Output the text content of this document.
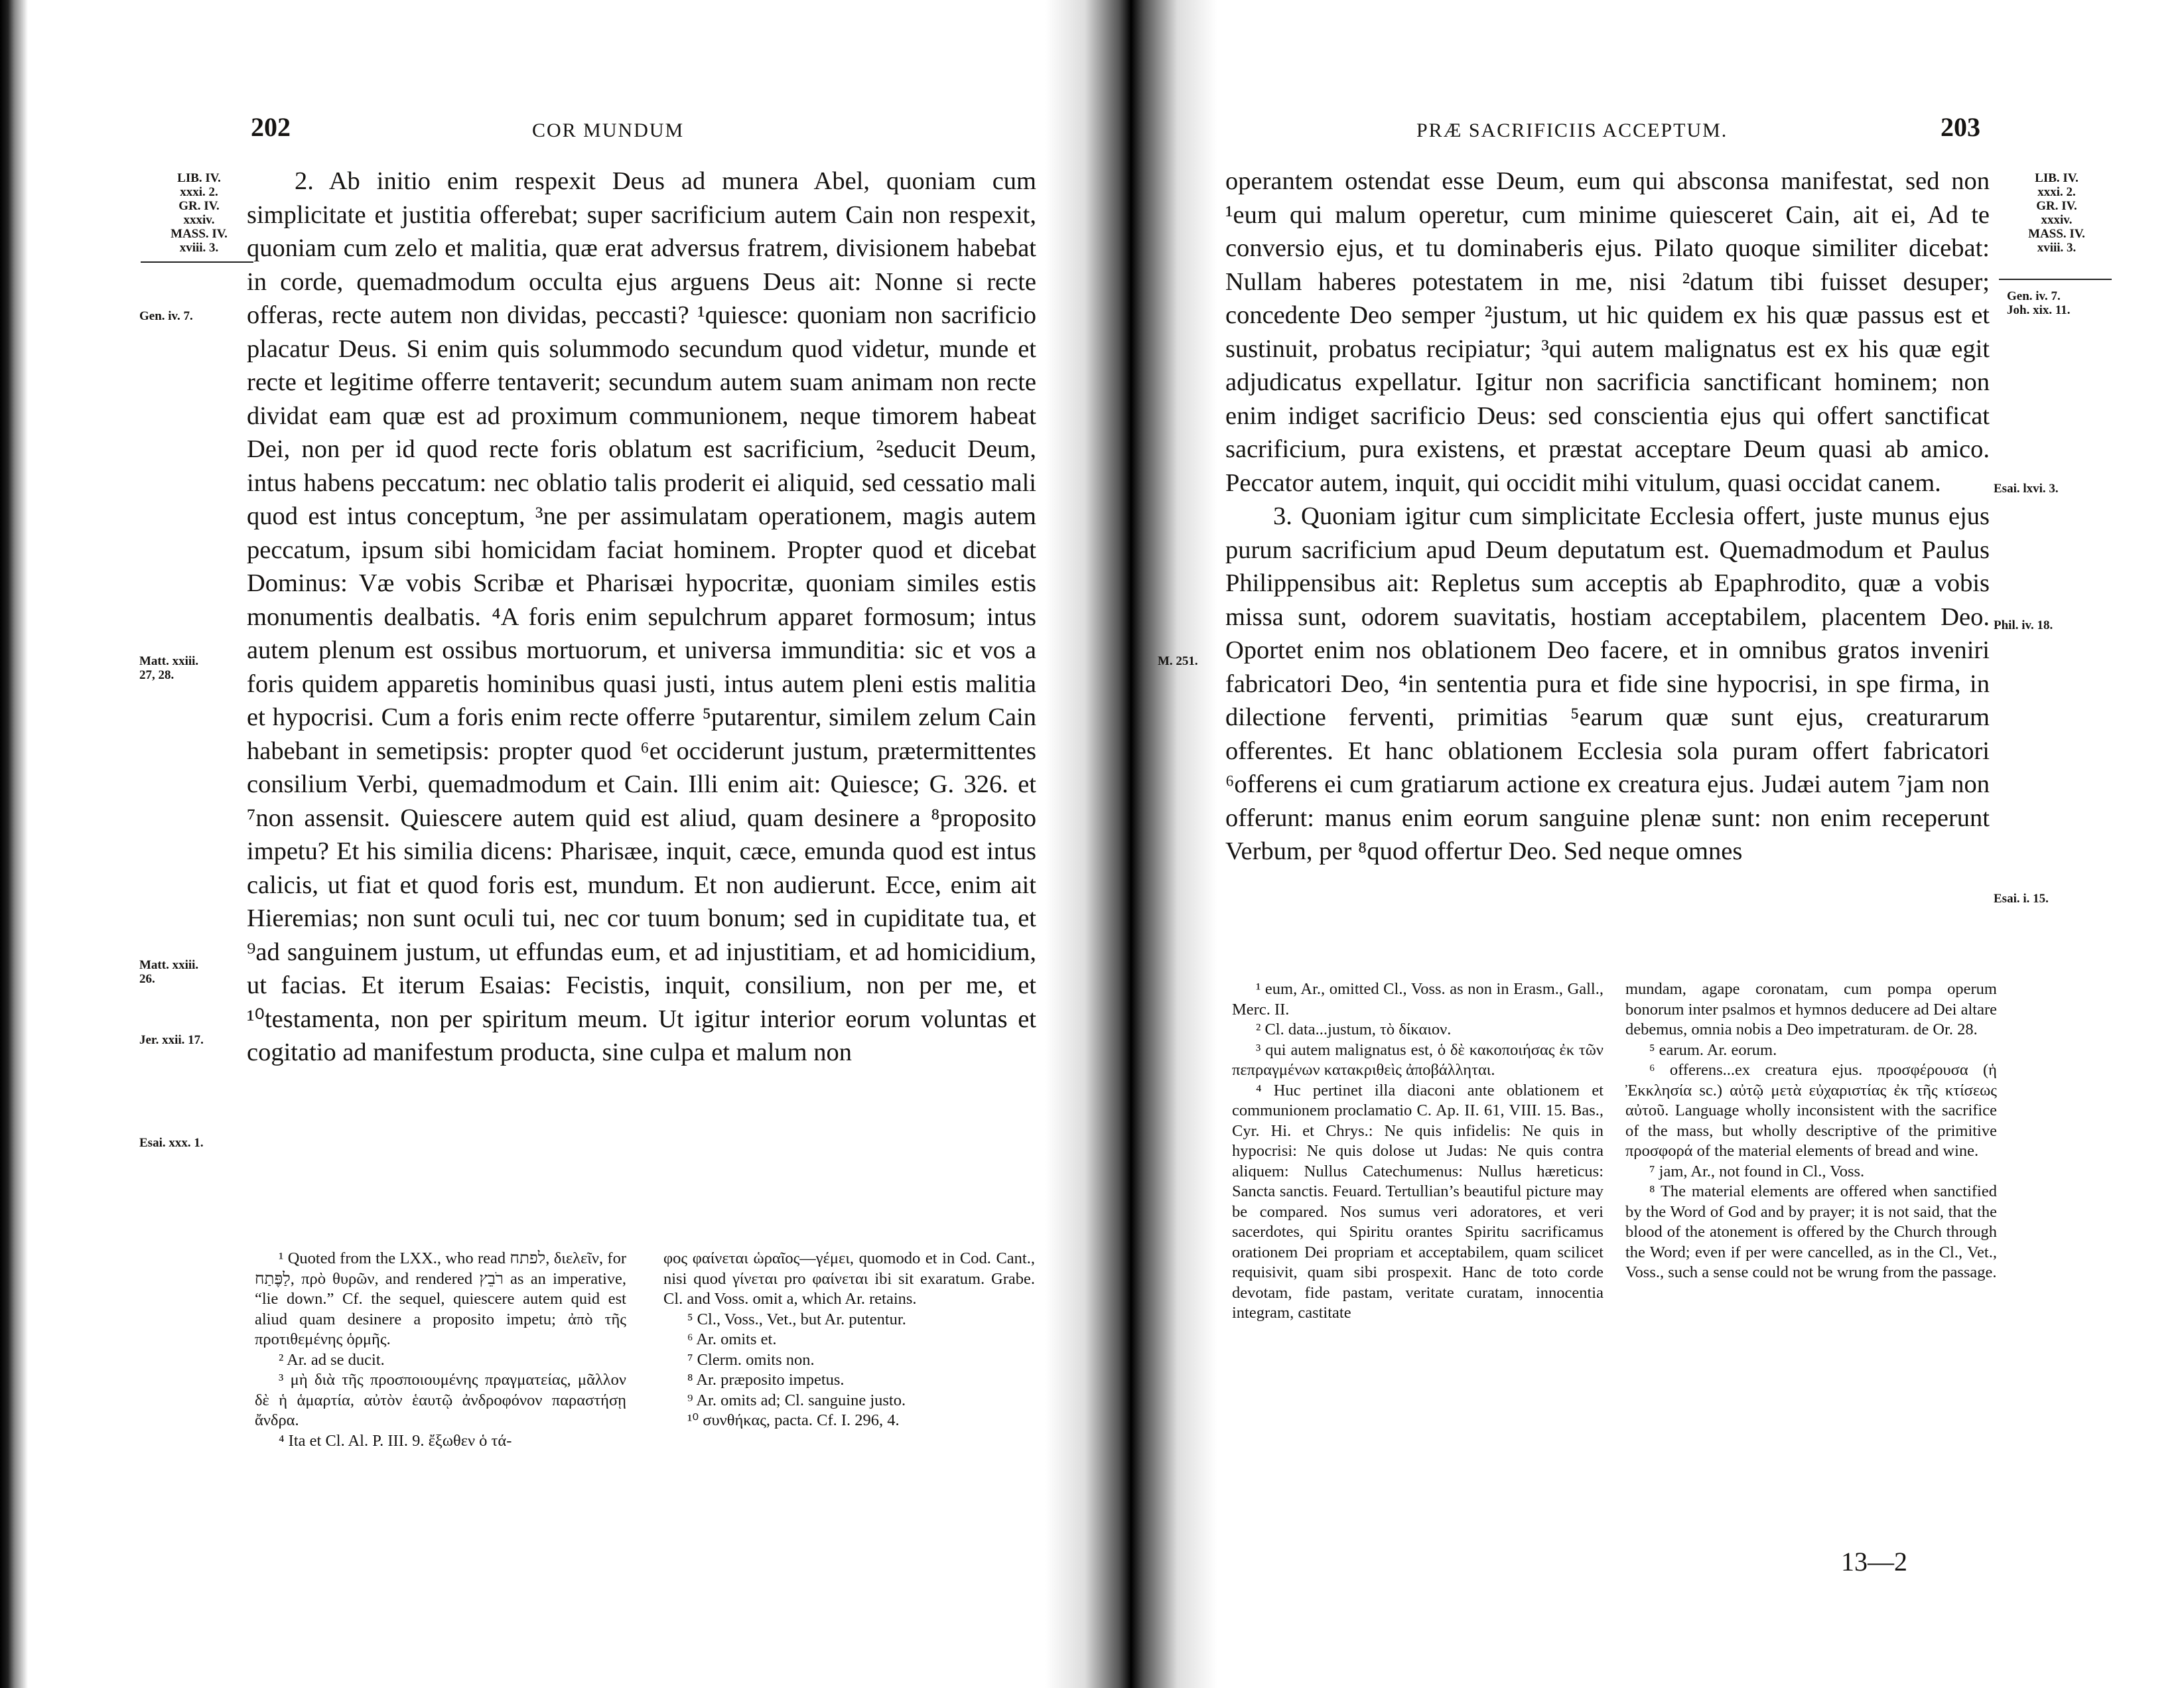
202	COR MUNDUM
LIB. IV.
xxxi. 2.
GR. IV.
xxxiv.
MASS. IV.
xviii. 3.
Gen. iv. 7.
Matt. xxiii.
27, 28.
Matt. xxiii.
26.
Jer. xxii. 17.
Esai. xxx. 1.

2. Ab initio enim respexit Deus ad munera Abel, quoniam cum simplicitate et justitia offerebat; super sacrificium autem Cain non respexit, quoniam cum zelo et malitia, quæ erat adversus fratrem, divisionem habebat in corde, quemadmodum occulta ejus arguens Deus ait: Nonne si recte offeras, recte autem non dividas, peccasti? ¹quiesce: quoniam non sacrificio placatur Deus. Si enim quis solummodo secundum quod videtur, munde et recte et legitime offerre tentaverit; secundum autem suam animam non recte dividat eam quæ est ad proximum communionem, neque timorem habeat Dei, non per id quod recte foris oblatum est sacrificium, ²seducit Deum, intus habens peccatum: nec oblatio talis proderit ei aliquid, sed cessatio mali quod est intus conceptum, ³ne per assimulatam operationem, magis autem peccatum, ipsum sibi homicidam faciat hominem. Propter quod et dicebat Dominus: Væ vobis Scribæ et Pharisæi hypocritæ, quoniam similes estis monumentis dealbatis. ⁴A foris enim sepulchrum apparet formosum; intus autem plenum est ossibus mortuorum, et universa immunditia: sic et vos a foris quidem apparetis hominibus quasi justi, intus autem pleni estis malitia et hypocrisi. Cum a foris enim recte offerre ⁵putarentur, similem zelum Cain habebant in semetipsis: propter quod ⁶et occiderunt justum, prætermittentes consilium Verbi, quemadmodum et Cain. Illi enim ait: Quiesce; G. 326. et ⁷non assensit. Quiescere autem quid est aliud, quam desinere a ⁸proposito impetu? Et his similia dicens: Pharisæe, inquit, cæce, emunda quod est intus calicis, ut fiat et quod foris est, mundum. Et non audierunt. Ecce, enim ait Hieremias; non sunt oculi tui, nec cor tuum bonum; sed in cupiditate tua, et ⁹ad sanguinem justum, ut effundas eum, et ad injustitiam, et ad homicidium, ut facias. Et iterum Esaias: Fecistis, inquit, consilium, non per me, et ¹⁰testamenta, non per spiritum meum. Ut igitur interior eorum voluntas et cogitatio ad manifestum producta, sine culpa et malum non

¹ Quoted from the LXX., who read לפתח, διελεῖν, for לַפֶּתַח, πρὸ θυρῶν, and rendered רֹבֵץ as an imperative, “lie down.” Cf. the sequel, quiescere autem quid est aliud quam desinere a proposito impetu; ἀπὸ τῆς προτιθεμένης ὁρμῆς.

² Ar. ad se ducit.

³ μὴ διὰ τῆς προσποιουμένης πραγματείας, μᾶλλον δὲ ἡ ἁμαρτία, αὐτὸν ἑαυτῷ ἀνδροφόνον παραστήσῃ ἄνδρα.

⁴ Ita et Cl. Al. P. III. 9. ἔξωθεν ὁ τά-

φος φαίνεται ὡραῖος—γέμει, quomodo et in Cod. Cant., nisi quod γίνεται pro φαίνεται ibi sit exaratum. Grabe. Cl. and Voss. omit a, which Ar. retains.

⁵ Cl., Voss., Vet., but Ar. putentur.

⁶ Ar. omits et.

⁷ Clerm. omits non.

⁸ Ar. præposito impetus.

⁹ Ar. omits ad; Cl. sanguine justo.

¹⁰ συνθήκας, pacta. Cf. I. 296, 4.

PRÆ SACRIFICIIS ACCEPTUM.	203
LIB. IV.
xxxi. 2.
GR. IV.
xxxiv.
MASS. IV.
xviii. 3.
Gen. iv. 7.
Joh. xix. 11.
Esai. lxvi. 3.
Phil. iv. 18.
M. 251.
Esai. i. 15.

operantem ostendat esse Deum, eum qui absconsa manifestat, sed non ¹eum qui malum operetur, cum minime quiesceret Cain, ait ei, Ad te conversio ejus, et tu dominaberis ejus. Pilato quoque similiter dicebat: Nullam haberes potestatem in me, nisi ²datum tibi fuisset desuper; concedente Deo semper ²justum, ut hic quidem ex his quæ passus est et sustinuit, probatus recipiatur; ³qui autem malignatus est ex his quæ egit adjudicatus expellatur. Igitur non sacrificia sanctificant hominem; non enim indiget sacrificio Deus: sed conscientia ejus qui offert sanctificat sacrificium, pura existens, et præstat acceptare Deum quasi ab amico. Peccator autem, inquit, qui occidit mihi vitulum, quasi occidat canem.

3. Quoniam igitur cum simplicitate Ecclesia offert, juste munus ejus purum sacrificium apud Deum deputatum est. Quemadmodum et Paulus Philippensibus ait: Repletus sum acceptis ab Epaphrodito, quæ a vobis missa sunt, odorem suavitatis, hostiam acceptabilem, placentem Deo. Oportet enim nos oblationem Deo facere, et in omnibus gratos inveniri fabricatori Deo, ⁴in sententia pura et fide sine hypocrisi, in spe firma, in dilectione ferventi, primitias ⁵earum quæ sunt ejus, creaturarum offerentes. Et hanc oblationem Ecclesia sola puram offert fabricatori ⁶offerens ei cum gratiarum actione ex creatura ejus. Judæi autem ⁷jam non offerunt: manus enim eorum sanguine plenæ sunt: non enim receperunt Verbum, per ⁸quod offertur Deo. Sed neque omnes

¹ eum, Ar., omitted Cl., Voss. as non in Erasm., Gall., Merc. II.

² Cl. data...justum, τὸ δίκαιον.

³ qui autem malignatus est, ὁ δὲ κακοποιήσας ἐκ τῶν πεπραγμένων κατακριθεὶς ἀποβάλληται.

⁴ Huc pertinet illa diaconi ante oblationem et communionem proclamatio C. Ap. II. 61, VIII. 15. Bas., Cyr. Hi. et Chrys.: Ne quis infidelis: Ne quis in hypocrisi: Ne quis dolose ut Judas: Ne quis contra aliquem: Nullus Catechumenus: Nullus hæreticus: Sancta sanctis. Feuard. Tertullian’s beautiful picture may be compared. Nos sumus veri adoratores, et veri sacerdotes, qui Spiritu orantes Spiritu sacrificamus orationem Dei propriam et acceptabilem, quam scilicet requisivit, quam sibi prospexit. Hanc de toto corde devotam, fide pastam, veritate curatam, innocentia integram, castitate

mundam, agape coronatam, cum pompa operum bonorum inter psalmos et hymnos deducere ad Dei altare debemus, omnia nobis a Deo impetraturam. de Or. 28.

⁵ earum. Ar. eorum.

⁶ offerens...ex creatura ejus. προσφέρουσα (ἡ Ἐκκλησία sc.) αὐτῷ μετὰ εὐχαριστίας ἐκ τῆς κτίσεως αὐτοῦ. Language wholly inconsistent with the sacrifice of the mass, but wholly descriptive of the primitive προσφορά of the material elements of bread and wine.

⁷ jam, Ar., not found in Cl., Voss.

⁸ The material elements are offered when sanctified by the Word of God and by prayer; it is not said, that the blood of the atonement is offered by the Church through the Word; even if per were cancelled, as in the Cl., Vet., Voss., such a sense could not be wrung from the passage.

13—2
